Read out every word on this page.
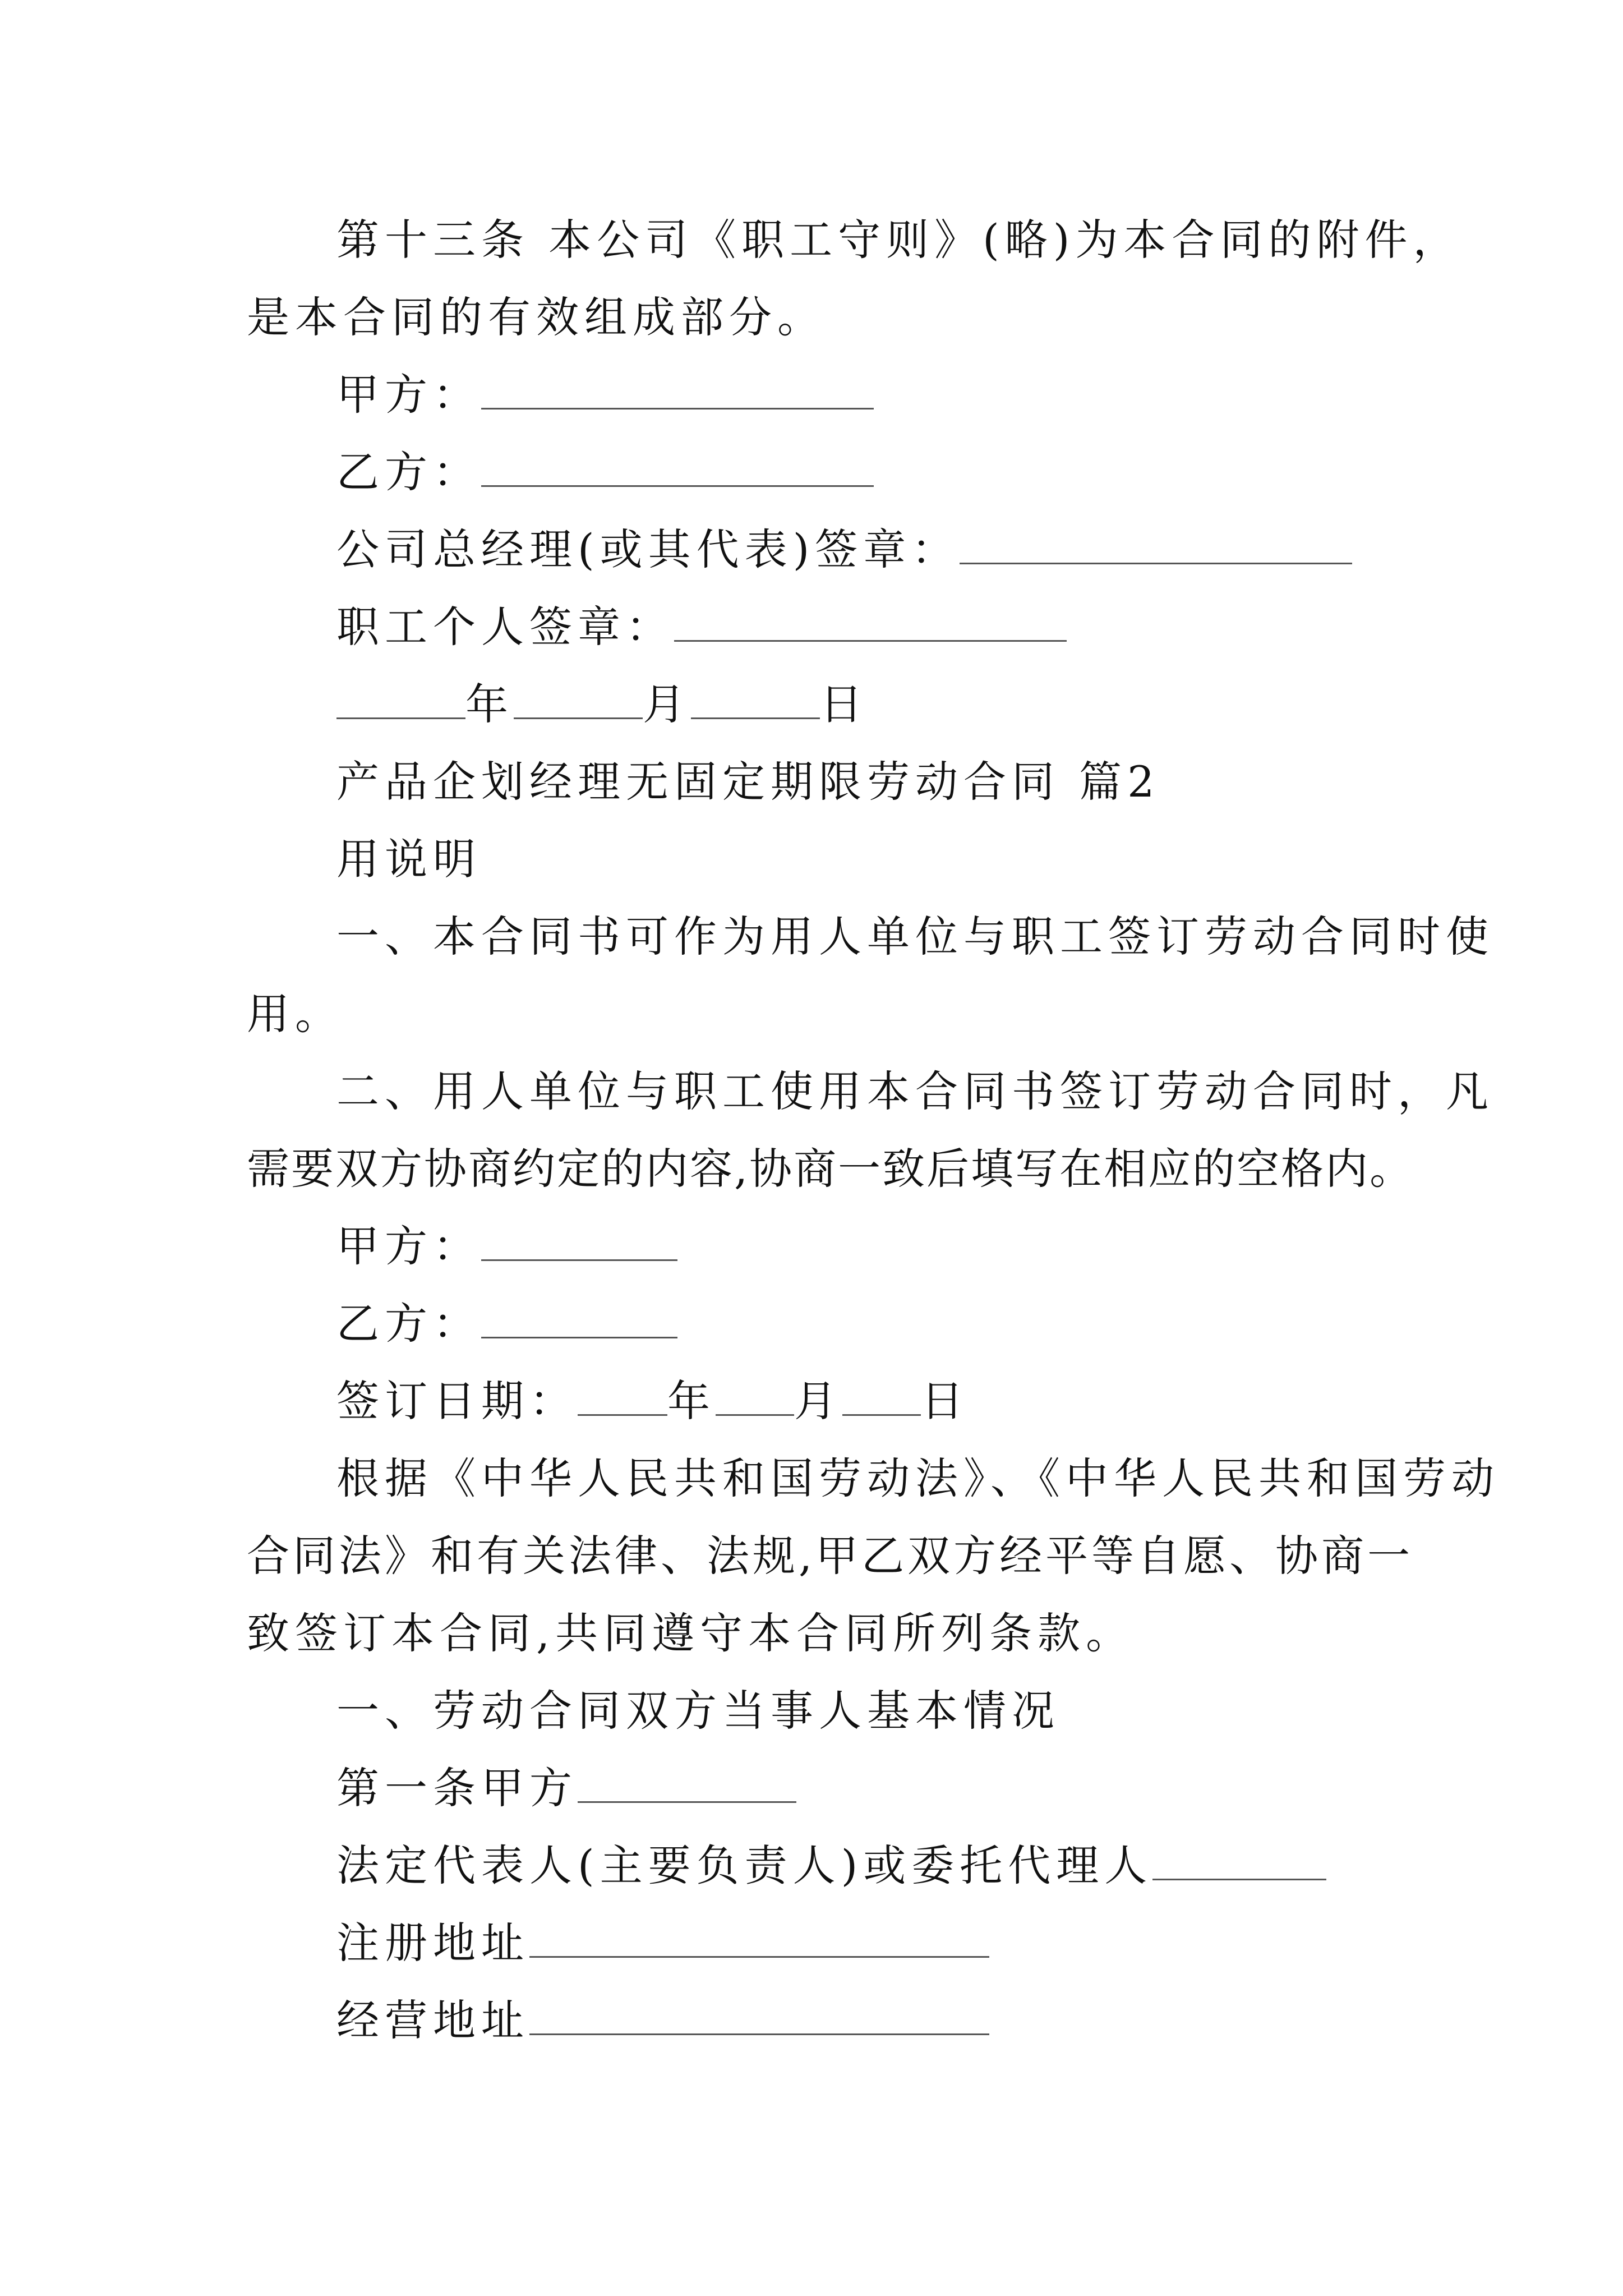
第十三条 本公司《职工守则》(略)为本合同的附件，
是本合同的有效组成部分。
甲方：
乙方：
公司总经理(或其代表)签章：
职工个人签章：
年	月	日
产品企划经理无固定期限劳动合同 篇2
用说明
一、本合同书可作为用人单位与职工签订劳动合同时使
用。
二、用人单位与职工使用本合同书签订劳动合同时，凡
需要双方协商约定的内容,协商一致后填写在相应的空格内。
甲方：
乙方：
签订日期： 年 月 日
根据《中华人民共和国劳动法》、《中华人民共和国劳动
合同法》和有关法律、法规,甲乙双方经平等自愿、协商一
致签订本合同,共同遵守本合同所列条款。
一、劳动合同双方当事人基本情况
第一条甲方
法定代表人(主要负责人)或委托代理人
注册地址
经营地址
